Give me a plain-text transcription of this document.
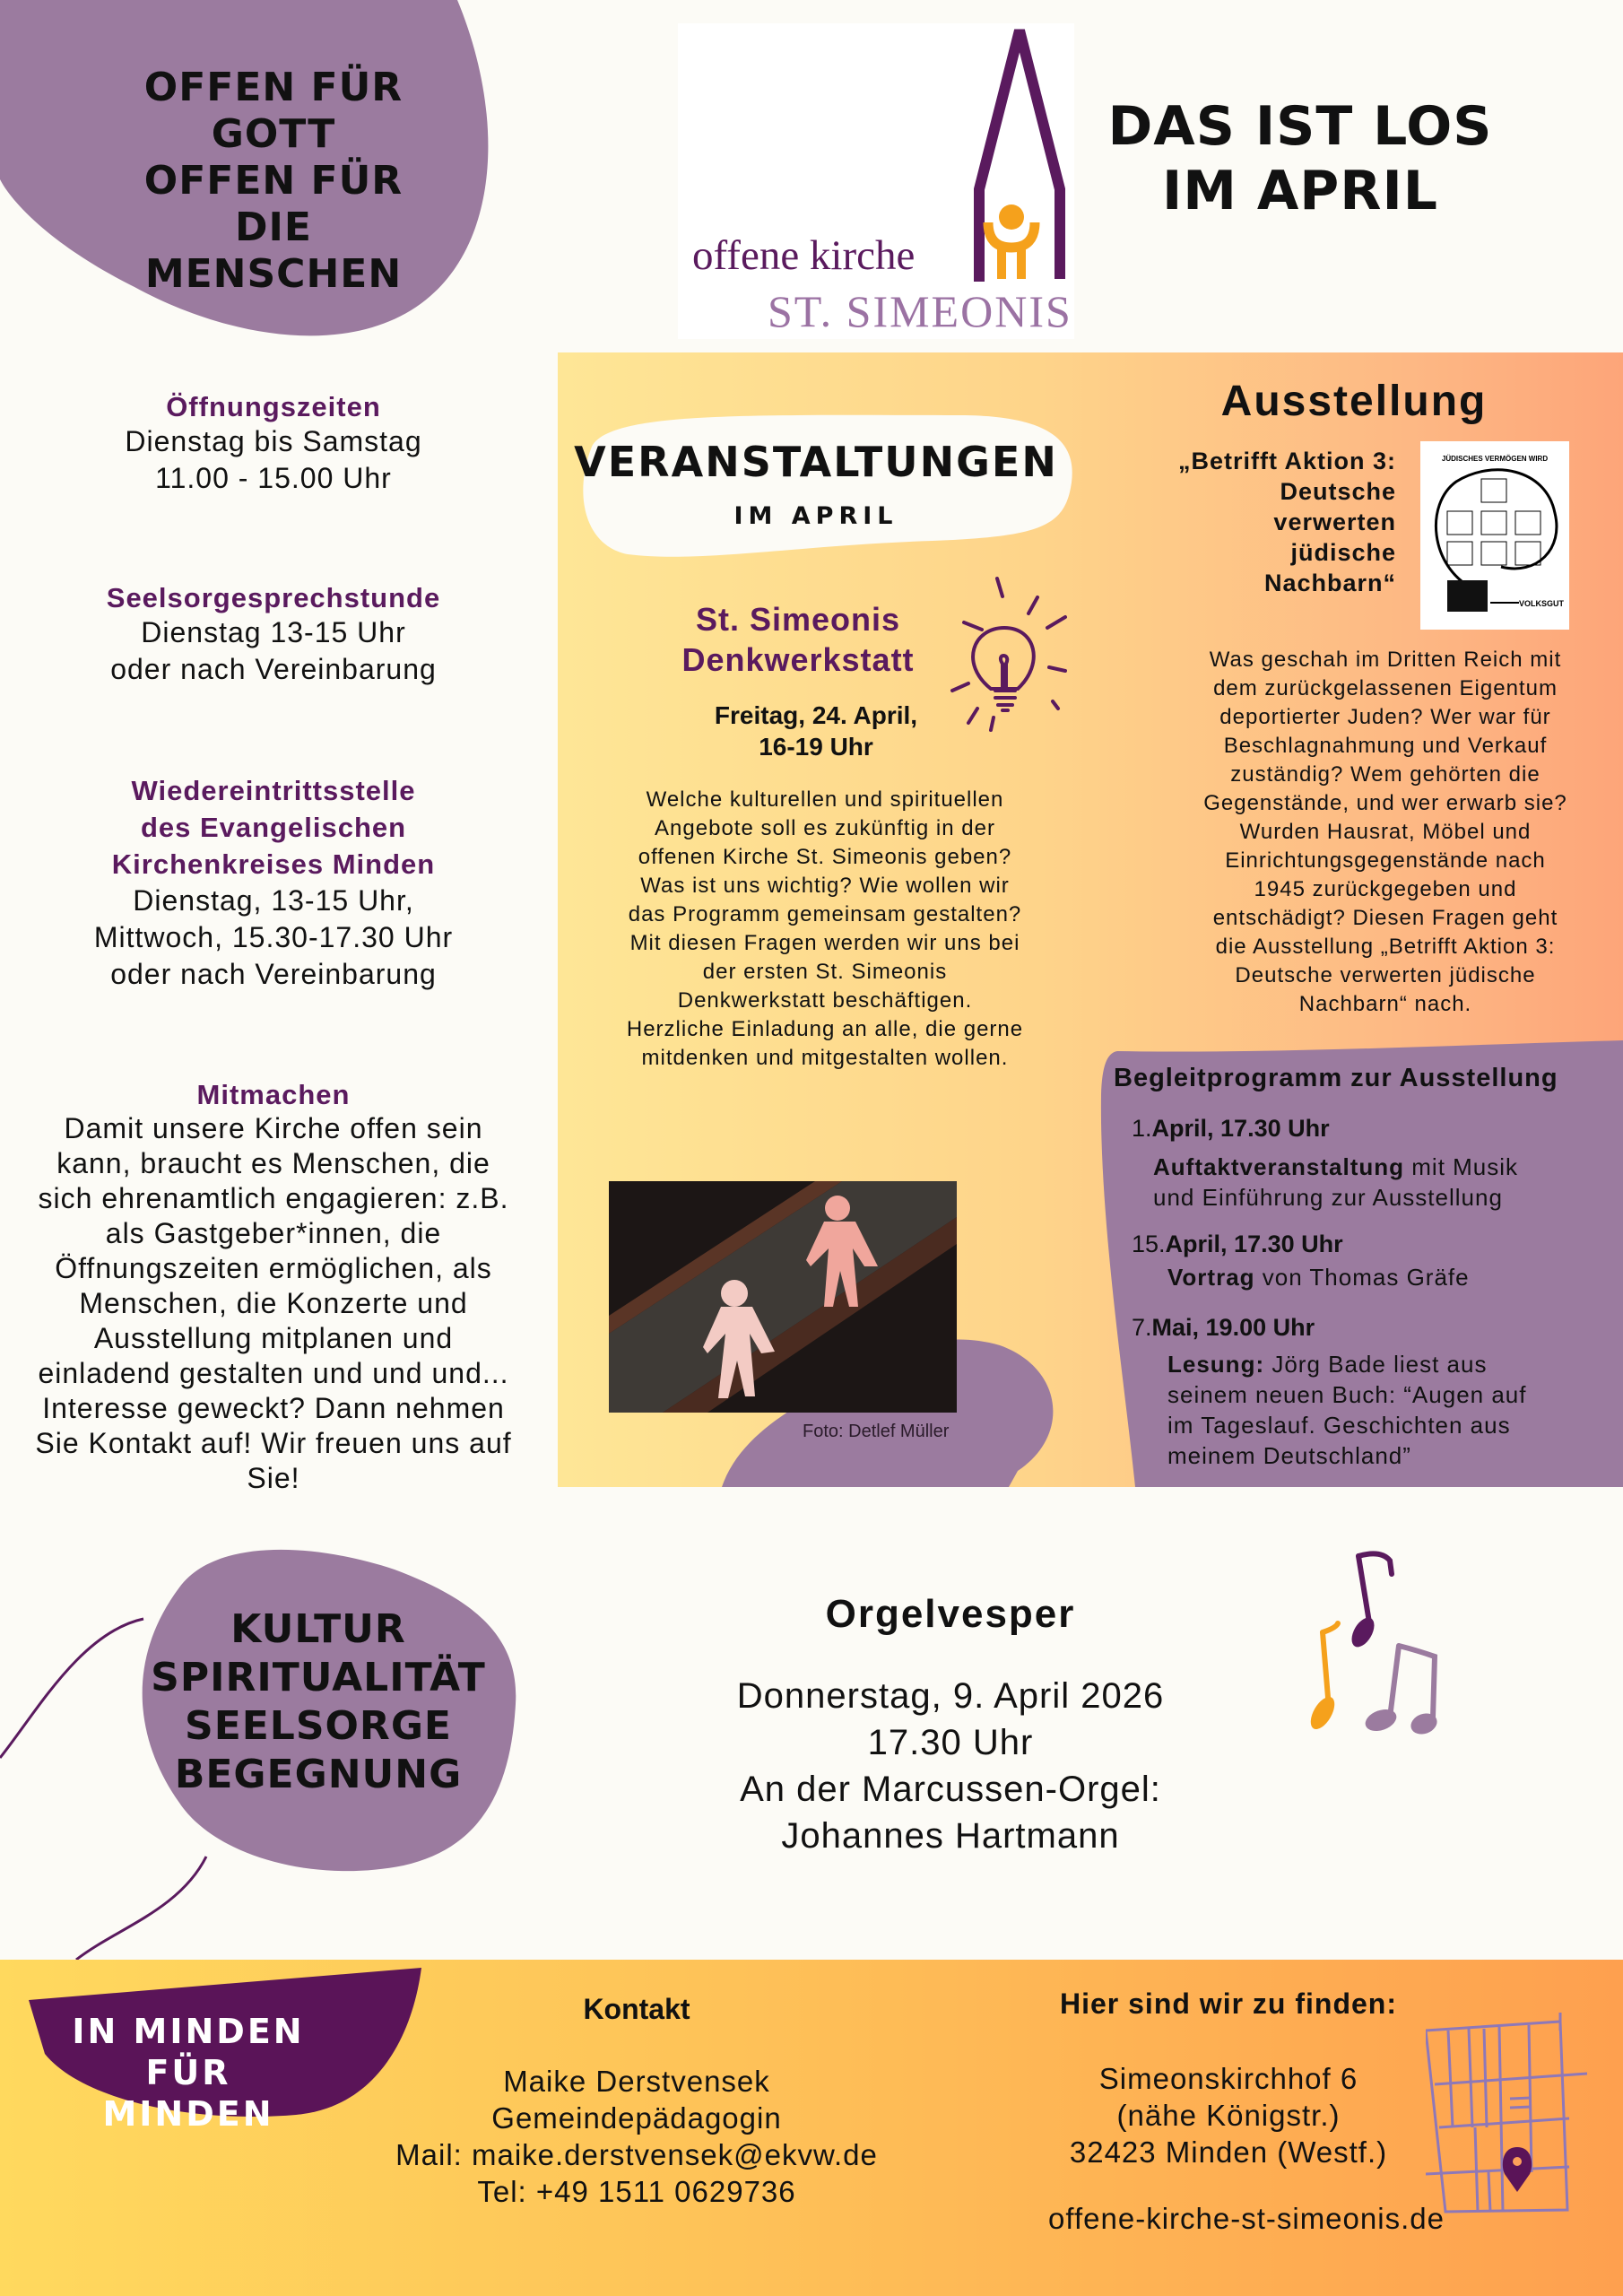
OFFEN FÜR
GOTT
OFFEN FÜR DIE
MENSCHEN	offene kirche
ST. SIMEONIS
DAS IST LOS
IM APRIL
Öffnungszeiten
Dienstag bis Samstag
11.00 - 15.00 Uhr
Seelsorgesprechstunde
Dienstag 13-15 Uhr
oder nach Vereinbarung
Wiedereintrittsstelle
des Evangelischen
Kirchenkreises Minden
Dienstag, 13-15 Uhr,
Mittwoch, 15.30-17.30 Uhr
oder nach Vereinbarung
Mitmachen
Damit unsere Kirche offen sein
kann, braucht es Menschen, die
sich ehrenamtlich engagieren: z.B.
als Gastgeber*innen, die
Öffnungszeiten ermöglichen, als
Menschen, die Konzerte und
Ausstellung mitplanen und
einladend gestalten und und und...
Interesse geweckt? Dann nehmen
Sie Kontakt auf! Wir freuen uns auf
Sie!
VERANSTALTUNGEN
IM APRIL
St. Simeonis
Denkwerkstatt
Freitag, 24. April,
16-19 Uhr
Welche kulturellen und spirituellen
Angebote soll es zukünftig in der
offenen Kirche St. Simeonis geben?
Was ist uns wichtig? Wie wollen wir
das Programm gemeinsam gestalten?
Mit diesen Fragen werden wir uns bei
der ersten St. Simeonis
Denkwerkstatt beschäftigen.
Herzliche Einladung an alle, die gerne
mitdenken und mitgestalten wollen.
Foto: Detlef Müller
Ausstellung
„Betrifft Aktion 3:
Deutsche
verwerten
jüdische
Nachbarn“
JÜDISCHES VERMÖGEN WIRD
VOLKSGUT
Was geschah im Dritten Reich mit
dem zurückgelassenen Eigentum
deportierter Juden? Wer war für
Beschlagnahmung und Verkauf
zuständig? Wem gehörten die
Gegenstände, und wer erwarb sie?
Wurden Hausrat, Möbel und
Einrichtungsgegenstände nach
1945 zurückgegeben und
entschädigt? Diesen Fragen geht
die Ausstellung „Betrifft Aktion 3:
Deutsche verwerten jüdische
Nachbarn“ nach.
Begleitprogramm zur Ausstellung
1.April, 17.30 Uhr
Auftaktveranstaltung mit Musik
und Einführung zur Ausstellung
15.April, 17.30 Uhr
Vortrag von Thomas Gräfe
7.Mai, 19.00 Uhr
Lesung: Jörg Bade liest aus
seinem neuen Buch: “Augen auf
im Tageslauf. Geschichten aus
meinem Deutschland”
KULTUR
SPIRITUALITÄT
SEELSORGE
BEGEGNUNG
Orgelvesper
Donnerstag, 9. April 2026
17.30 Uhr
An der Marcussen-Orgel:
Johannes Hartmann
IN MINDEN
FÜR MINDEN
Kontakt
Maike Derstvensek
Gemeindepädagogin
Mail: maike.derstvensek@ekvw.de
Tel: +49 1511 0629736
Hier sind wir zu finden:
Simeonskirchhof 6
(nähe Königstr.)
32423 Minden (Westf.)
offene-kirche-st-simeonis.de
